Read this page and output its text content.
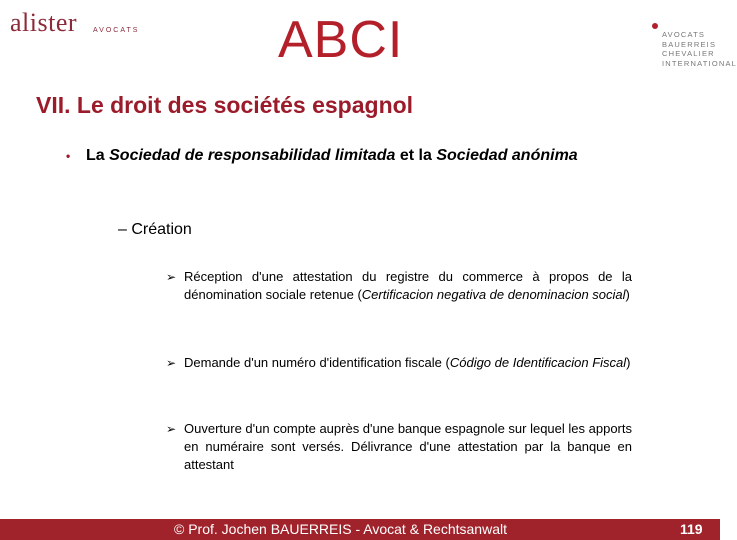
alister AVOCATS	ABCI	AVOCATS
BAUERREIS
CHEVALIER
INTERNATIONAL
VII. Le droit des sociétés espagnol
• La Sociedad de responsabilidad limitada et la Sociedad anónima
– Création
➢ Réception d'une attestation du registre du commerce à propos de la dénomination sociale retenue (Certificacion negativa de denominacion social)
➢ Demande d'un numéro d'identification fiscale (Código de Identificacion Fiscal)
➢ Ouverture d'un compte auprès d'une banque espagnole sur lequel les apports en numéraire sont versés. Délivrance d'une attestation par la banque en attestant
© Prof. Jochen BAUERREIS - Avocat & Rechtsanwalt	119
